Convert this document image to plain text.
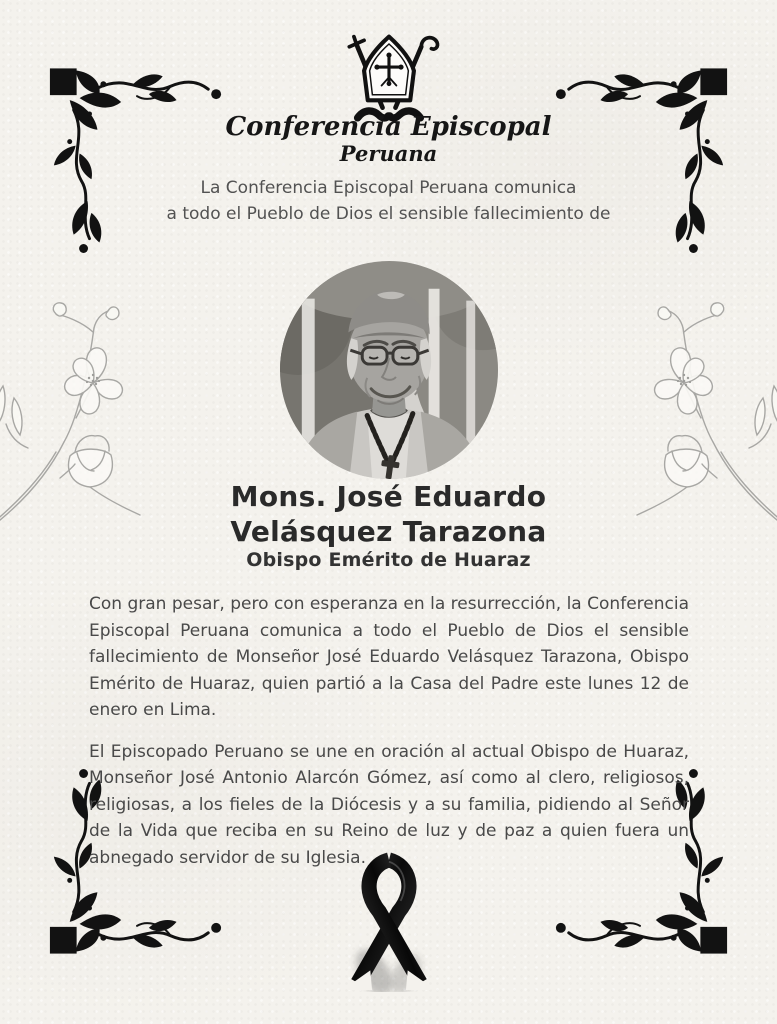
Conferencia Episcopal
Peruana
La Conferencia Episcopal Peruana comunica
a todo el Pueblo de Dios el sensible fallecimiento de
Mons. José Eduardo
Velásquez Tarazona
Obispo Emérito de Huaraz

Con gran pesar, pero con esperanza en la resurrección, la Conferencia Episcopal Peruana comunica a todo el Pueblo de Dios el sensible fallecimiento de Monseñor José Eduardo Velásquez Tarazona, Obispo Emérito de Huaraz, quien partió a la Casa del Padre este lunes 12 de enero en Lima.

El Episcopado Peruano se une en oración al actual Obispo de Huaraz, Monseñor José Antonio Alarcón Gómez, así como al clero, religiosos, religiosas, a los fieles de la Diócesis y a su familia, pidiendo al Señor de la Vida que reciba en su Reino de luz y de paz a quien fuera un abnegado servidor de su Iglesia.
